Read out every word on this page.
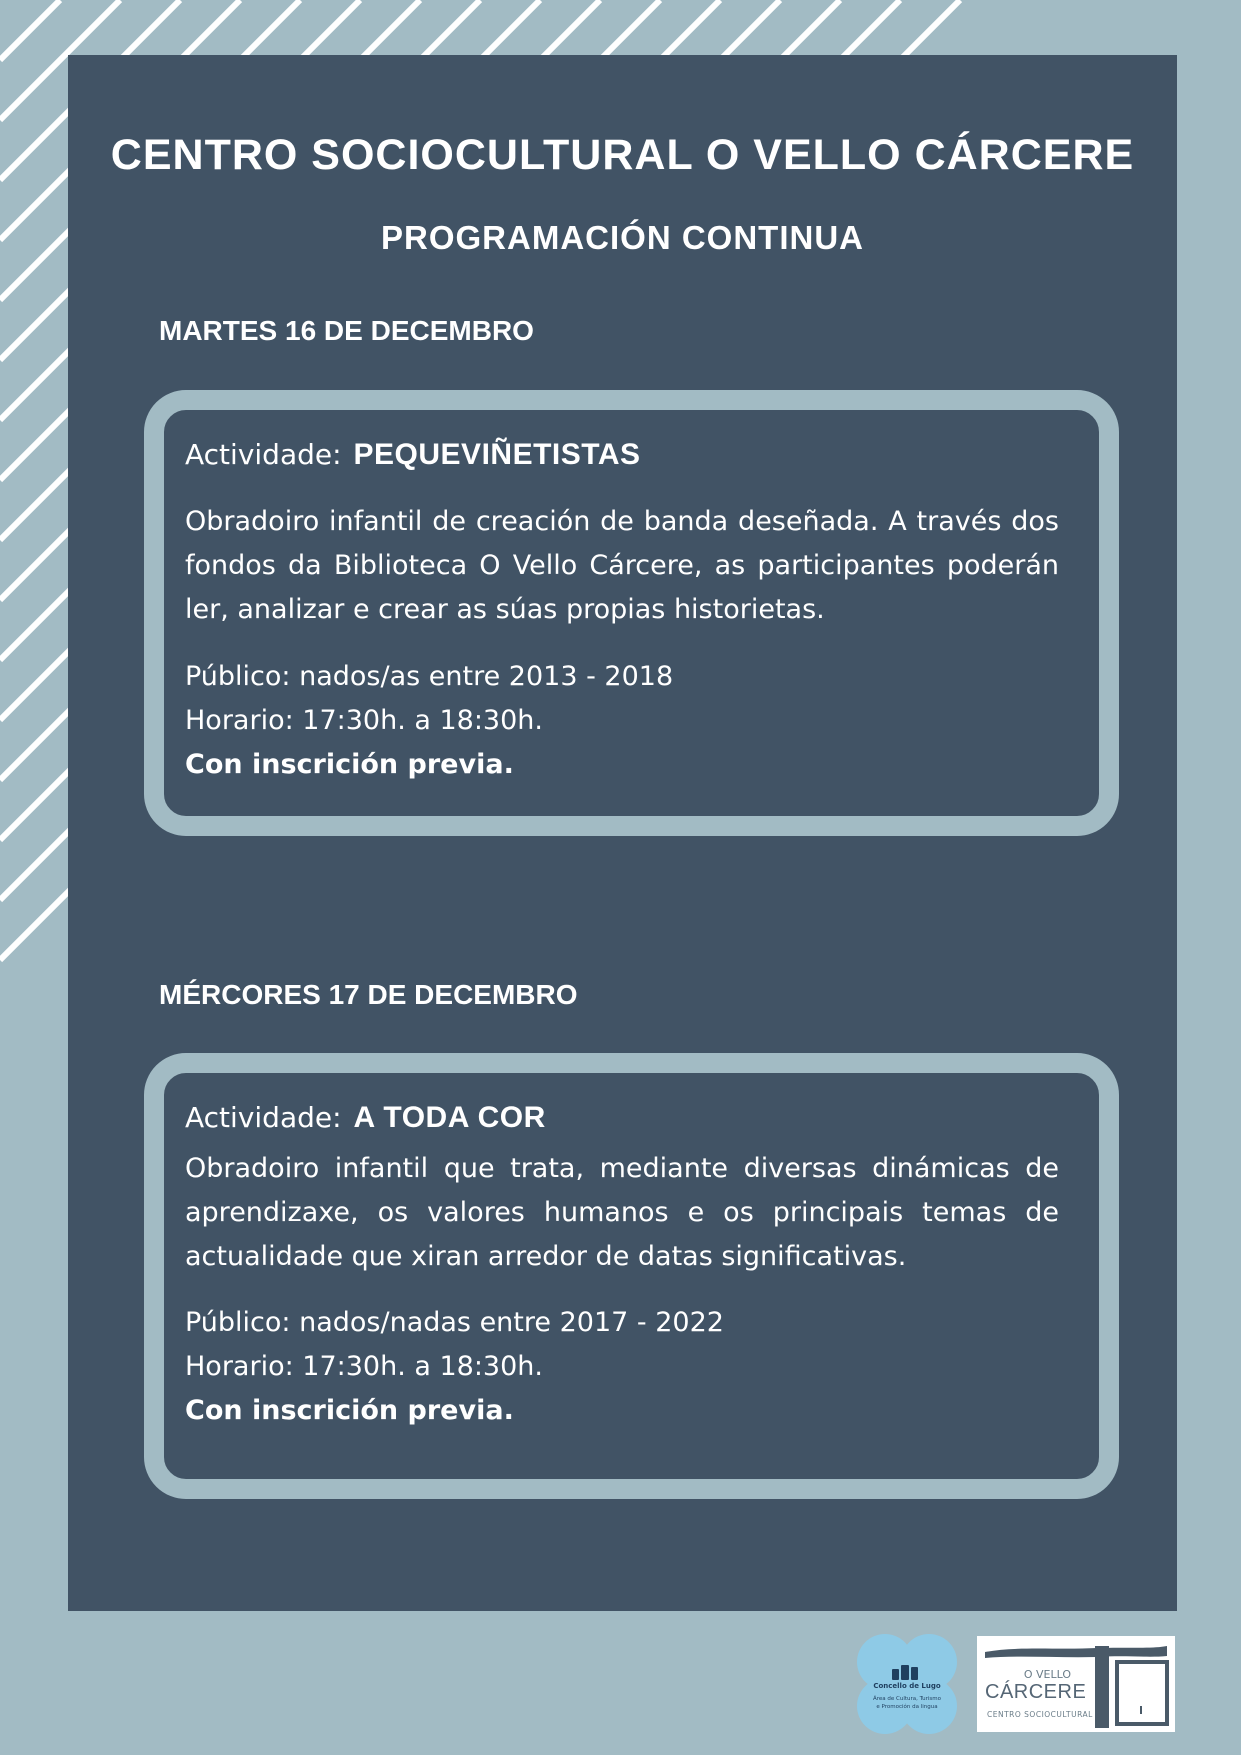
CENTRO SOCIOCULTURAL O VELLO CÁRCERE
PROGRAMACIÓN CONTINUA
MARTES 16 DE DECEMBRO
Actividade: PEQUEVIÑETISTAS
Obradoiro infantil de creación de banda deseñada. A través dos fondos da Biblioteca O Vello Cárcere, as participantes poderán ler, analizar e crear as súas propias historietas.
Público: nados/as entre 2013 - 2018
Horario: 17:30h. a 18:30h.
Con inscrición previa.
MÉRCORES 17 DE DECEMBRO
Actividade: A TODA COR
Obradoiro infantil que trata, mediante diversas dinámicas de aprendizaxe, os valores humanos e os principais temas de actualidade que xiran arredor de datas significativas.
Público: nados/nadas entre 2017 - 2022
Horario: 17:30h. a 18:30h.
Con inscrición previa.
Concello de Lugo
Área de Cultura, Turismo
e Promoción da lingua
O VELLO
CÁRCERE
CENTRO SOCIOCULTURAL
